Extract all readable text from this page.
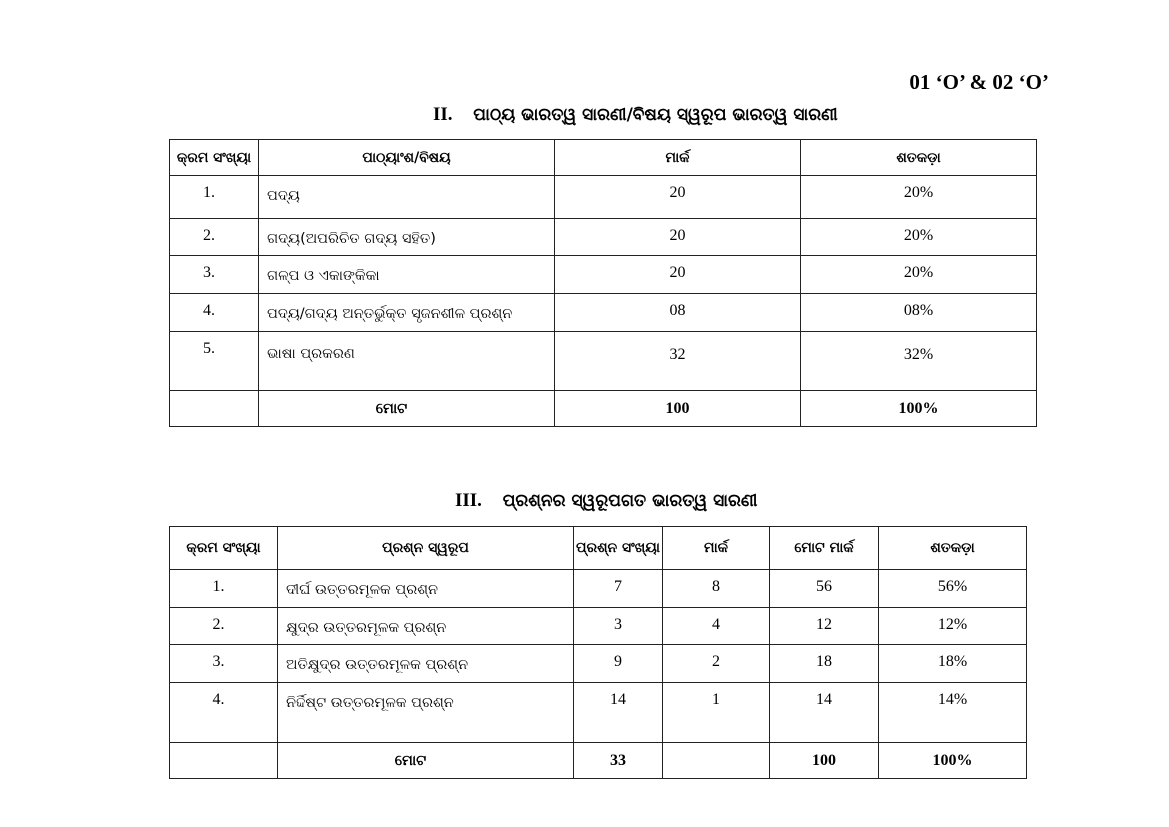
01 ‘O’ & 02 ‘O’
II. ପାଠ୍ୟ ଭାରତ୍ୱ ସାରଣୀ/ବିଷୟ ସ୍ୱରୂପ ଭାରତ୍ୱ ସାରଣୀ
କ୍ରମ ସଂଖ୍ୟା	ପାଠ୍ୟାଂଶ/ବିଷୟ	ମାର୍କ	ଶତକଡ଼ା
1.	ପଦ୍ୟ	20	20%
2.	ଗଦ୍ୟ(ଅପରିଚିତ ଗଦ୍ୟ ସହିତ)	20	20%
3.	ଗଳ୍ପ ଓ ଏକାଙ୍କିକା	20	20%
4.	ପଦ୍ୟ/ଗଦ୍ୟ ଅନ୍ତର୍ଭୁକ୍ତ ସୃଜନଶୀଳ ପ୍ରଶ୍ନ	08	08%
5.	ଭାଷା ପ୍ରକରଣ	32	32%
	ମୋଟ	100	100%
III. ପ୍ରଶ୍ନର ସ୍ୱରୂପଗତ ଭାରତ୍ୱ ସାରଣୀ
କ୍ରମ ସଂଖ୍ୟା	ପ୍ରଶ୍ନ ସ୍ୱରୂପ	ପ୍ରଶ୍ନ ସଂଖ୍ୟା	ମାର୍କ	ମୋଟ ମାର୍କ	ଶତକଡ଼ା
1.	ଦୀର୍ଘ ଉତ୍ତରମୂଳକ ପ୍ରଶ୍ନ	7	8	56	56%
2.	କ୍ଷୁଦ୍ର ଉତ୍ତରମୂଳକ ପ୍ରଶ୍ନ	3	4	12	12%
3.	ଅତିକ୍ଷୁଦ୍ର ଉତ୍ତରମୂଳକ ପ୍ରଶ୍ନ	9	2	18	18%
4.	ନିର୍ଦ୍ଦିଷ୍ଟ ଉତ୍ତରମୂଳକ ପ୍ରଶ୍ନ	14	1	14	14%
	ମୋଟ	33		100	100%
